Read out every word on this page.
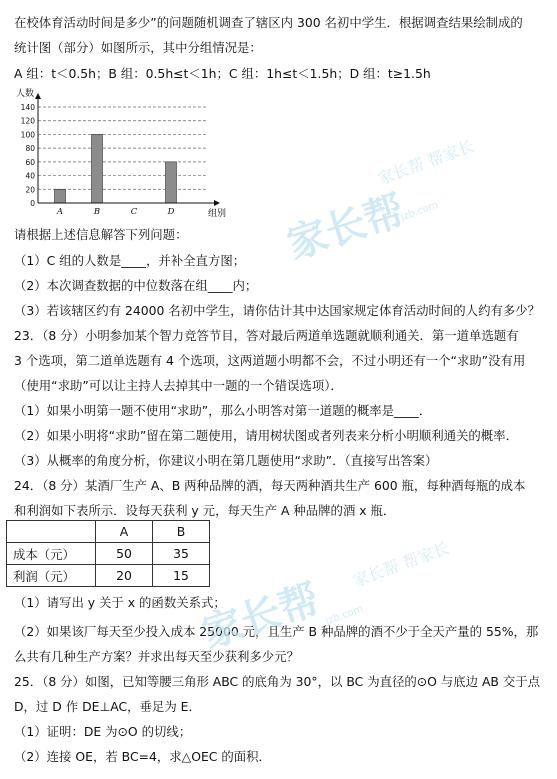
在校体育活动时间是多少”的问题随机调查了辖区内 300 名初中学生．根据调查结果绘制成的
统计图（部分）如图所示，其中分组情况是：
A 组：t＜0.5h；B 组：0.5h≤t＜1h；C 组：1h≤t＜1.5h；D 组：t≥1.5h
请根据上述信息解答下列问题：
（1）C 组的人数是____，并补全直方图；
（2）本次调查数据的中位数落在组____内；
（3）若该辖区约有 24000 名初中学生，请你估计其中达国家规定体育活动时间的人约有多少？
23．（8 分）小明参加某个智力竞答节目，答对最后两道单选题就顺利通关．第一道单选题有
3 个选项，第二道单选题有 4 个选项，这两道题小明都不会，不过小明还有一个“求助”没有用
（使用“求助”可以让主持人去掉其中一题的一个错误选项）．
（1）如果小明第一题不使用“求助”，那么小明答对第一道题的概率是____．
（2）如果小明将“求助”留在第二题使用，请用树状图或者列表来分析小明顺利通关的概率．
（3）从概率的角度分析，你建议小明在第几题使用“求助”．（直接写出答案）
24．（8 分）某酒厂生产 A、B 两种品牌的酒，每天两种酒共生产 600 瓶，每种酒每瓶的成本
和利润如下表所示．设每天获利 y 元，每天生产 A 种品牌的酒 x 瓶．
（1）请写出 y 关于 x 的函数关系式；
（2）如果该厂每天至少投入成本 25000 元，且生产 B 种品牌的酒不少于全天产量的 55%，那
么共有几种生产方案？并求出每天至少获利多少元？
25．（8 分）如图，已知等腰三角形 ABC 的底角为 30°，以 BC 为直径的⊙O 与底边 AB 交于点
D，过 D 作 DE⊥AC，垂足为 E．
（1）证明：DE 为⊙O 的切线；
（2）连接 OE，若 BC=4，求△OEC 的面积．
人数
组别
0
20
40
60
80
100
120
140
A	B	C	D
	A	B
成本（元）	50	35
利润（元）	20	15
家长帮
家长帮 帮家长
jzb.com
家长帮
家长帮 帮家长
jzb.com
